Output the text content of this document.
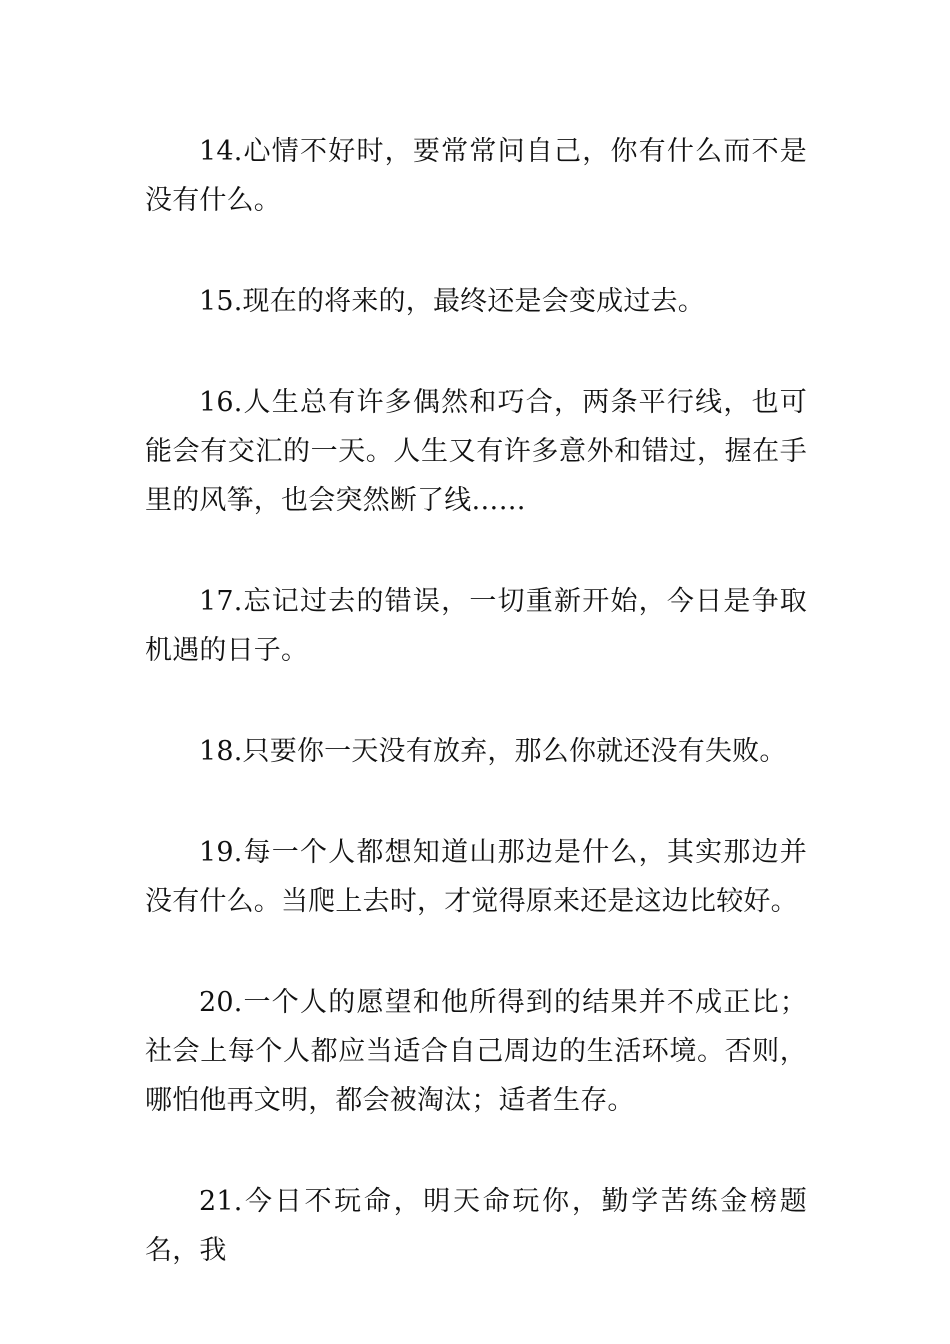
14.心情不好时，要常常问自己，你有什么而不是没有什么。

15.现在的将来的，最终还是会变成过去。

16.人生总有许多偶然和巧合，两条平行线，也可能会有交汇的一天。人生又有许多意外和错过，握在手里的风筝，也会突然断了线……

17.忘记过去的错误，一切重新开始，今日是争取机遇的日子。

18.只要你一天没有放弃，那么你就还没有失败。

19.每一个人都想知道山那边是什么，其实那边并没有什么。当爬上去时，才觉得原来还是这边比较好。

20.一个人的愿望和他所得到的结果并不成正比；社会上每个人都应当适合自己周边的生活环境。否则，哪怕他再文明，都会被淘汰；适者生存。

21.今日不玩命，明天命玩你，勤学苦练金榜题名，我
